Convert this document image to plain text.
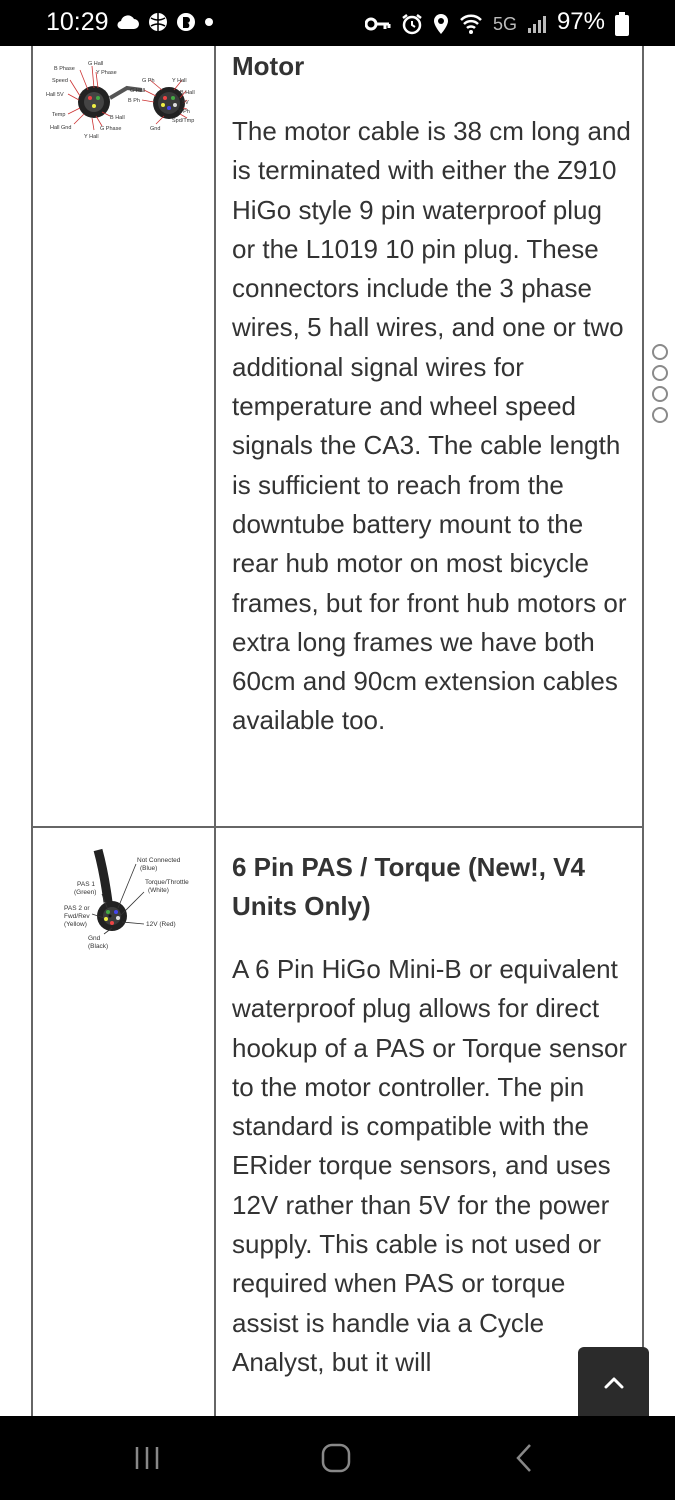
10:29	5G 97%
B Phase
G Hall
Y Phase
Speed
Hall 5V
Temp
Hall Gnd
B Hall
G Phase
Y Hall
G Ph	Y Hall
G Hall	B Hall
B Ph	5V
Y Ph
Spd/Tmp
Gnd
Motor

The motor cable is 38 cm long and is terminated with either the Z910 HiGo style 9 pin waterproof plug or the L1019 10 pin plug. These connectors include the 3 phase wires, 5 hall wires, and one or two additional signal wires for temperature and wheel speed signals the CA3. The cable length is sufficient to reach from the downtube battery mount to the rear hub motor on most bicycle frames, but for front hub motors or extra long frames we have both 60cm and 90cm extension cables available too.

Not Connected
(Blue)
PAS 1
(Green)
Torque/Throttle
(White)
PAS 2 or
Fwd/Rev
(Yellow)	12V (Red)
Gnd
(Black)
6 Pin PAS / Torque (New!, V4 Units Only)

A 6 Pin HiGo Mini-B or equivalent waterproof plug allows for direct hookup of a PAS or Torque sensor to the motor controller. The pin standard is compatible with the ERider torque sensors, and uses 12V rather than 5V for the power supply. This cable is not used or required when PAS or torque assist is handle via a Cycle Analyst, but it will
